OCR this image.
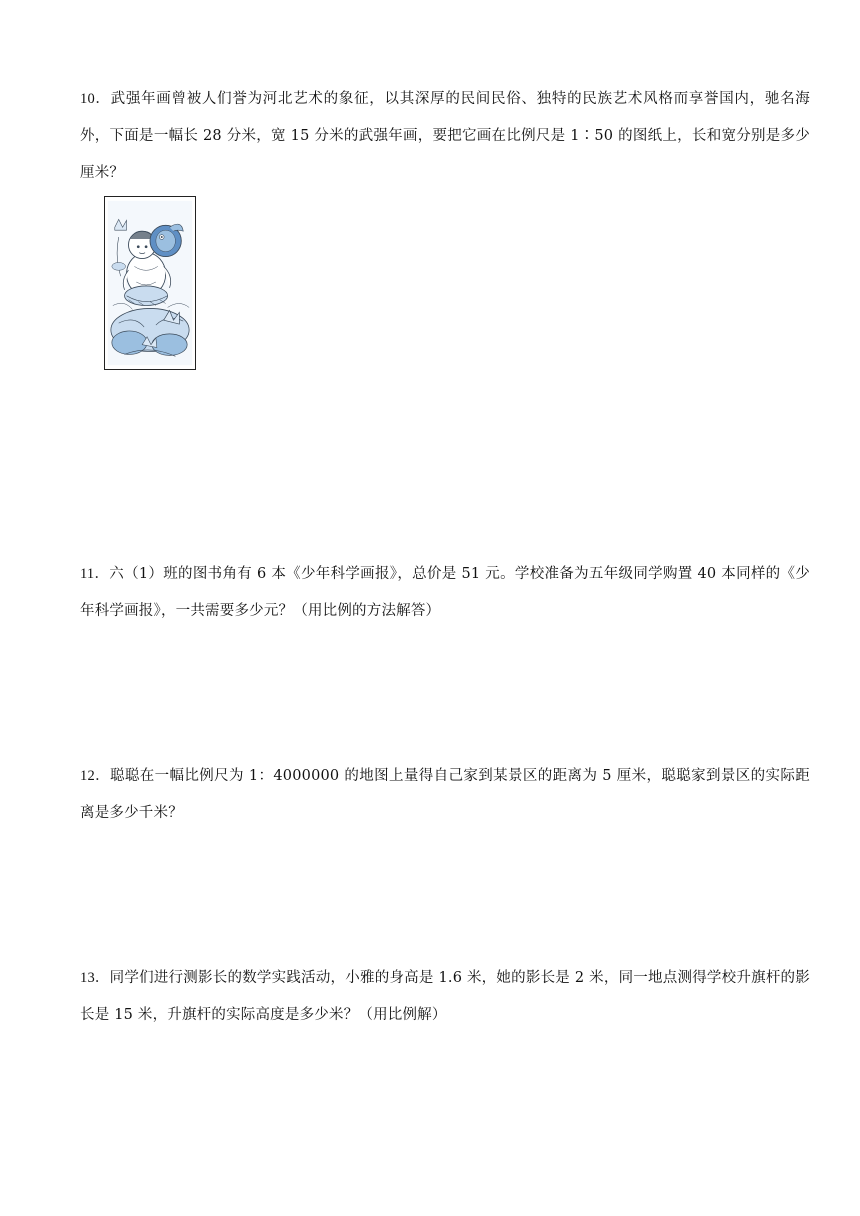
10．武强年画曾被人们誉为河北艺术的象征，以其深厚的民间民俗、独特的民族艺术风格而享誉国内，驰名海外，下面是一幅长 28 分米，宽 15 分米的武强年画，要把它画在比例尺是 1∶50 的图纸上，长和宽分别是多少厘米？
11．六（1）班的图书角有 6 本《少年科学画报》，总价是 51 元。学校准备为五年级同学购置 40 本同样的《少年科学画报》，一共需要多少元？（用比例的方法解答）
12．聪聪在一幅比例尺为 1：4000000 的地图上量得自己家到某景区的距离为 5 厘米，聪聪家到景区的实际距离是多少千米？
13．同学们进行测影长的数学实践活动，小雅的身高是 1.6 米，她的影长是 2 米，同一地点测得学校升旗杆的影长是 15 米，升旗杆的实际高度是多少米？（用比例解）
